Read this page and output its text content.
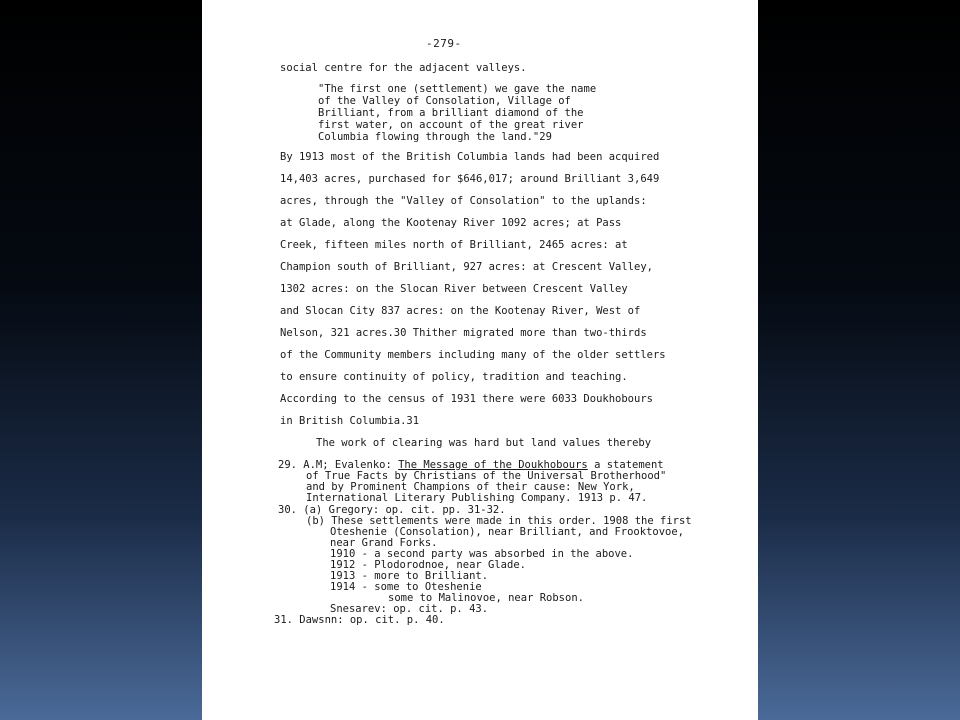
-279-

social centre for the adjacent valleys.

"The first one (settlement) we gave the name

of the Valley of Consolation, Village of

Brilliant, from a brilliant diamond of the

first water, on account of the great river

Columbia flowing through the land."29

By 1913 most of the British Columbia lands had been acquired

14,403 acres, purchased for $646,017; around Brilliant 3,649

acres, through the "Valley of Consolation" to the uplands:

at Glade, along the Kootenay River 1092 acres; at Pass

Creek, fifteen miles north of Brilliant, 2465 acres: at

Champion south of Brilliant, 927 acres: at Crescent Valley,

1302 acres: on the Slocan River between Crescent Valley

and Slocan City 837 acres: on the Kootenay River, West of

Nelson, 321 acres.30 Thither migrated more than two-thirds

of the Community members including many of the older settlers

to ensure continuity of policy, tradition and teaching.

According to the census of 1931 there were 6033 Doukhobours

in British Columbia.31

The work of clearing was hard but land values thereby

29. A.M; Evalenko: The Message of the Doukhobours a statement

of True Facts by Christians of the Universal Brotherhood"

and by Prominent Champions of their cause: New York,

International Literary Publishing Company. 1913 p. 47.

30. (a) Gregory: op. cit. pp. 31-32.

(b) These settlements were made in this order. 1908 the first

Oteshenie (Consolation), near Brilliant, and Frooktovoe,

near Grand Forks.

1910 - a second party was absorbed in the above.

1912 - Plodorodnoe, near Glade.

1913 - more to Brilliant.

1914 - some to Oteshenie

some to Malinovoe, near Robson.

Snesarev: op. cit. p. 43.

31. Dawsnn: op. cit. p. 40.
